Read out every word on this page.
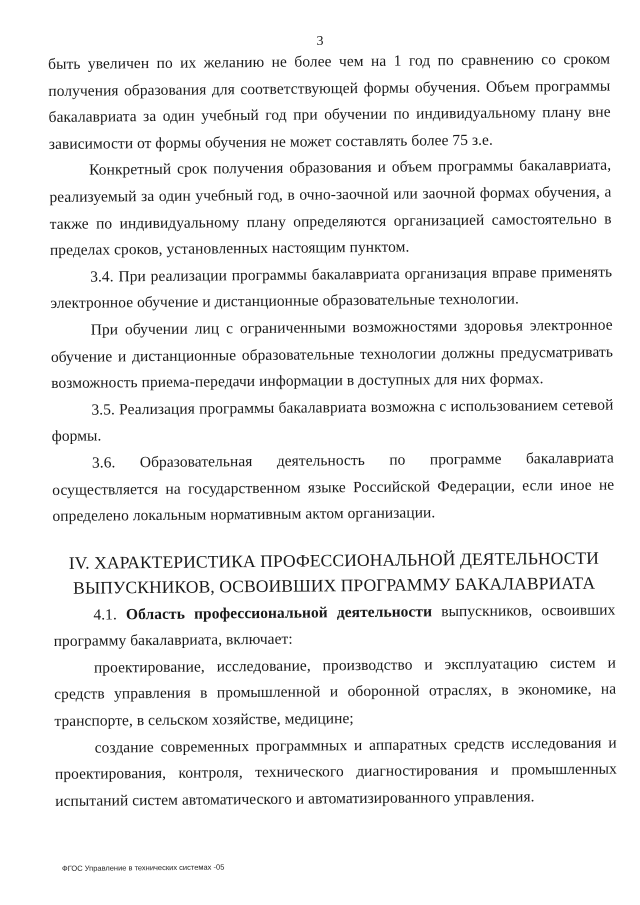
3

быть увеличен по их желанию не более чем на 1 год по сравнению со сроком получения образования для соответствующей формы обучения. Объем программы бакалавриата за один учебный год при обучении по индивидуальному плану вне зависимости от формы обучения не может составлять более 75 з.е.

Конкретный срок получения образования и объем программы бакалавриата, реализуемый за один учебный год, в очно-заочной или заочной формах обучения, а также по индивидуальному плану определяются организацией самостоятельно в пределах сроков, установленных настоящим пунктом.

3.4. При реализации программы бакалавриата организация вправе применять электронное обучение и дистанционные образовательные технологии.

При обучении лиц с ограниченными возможностями здоровья электронное обучение и дистанционные образовательные технологии должны предусматривать возможность приема-передачи информации в доступных для них формах.

3.5. Реализация программы бакалавриата возможна с использованием сетевой формы.

3.6. Образовательная деятельность по программе бакалавриата осуществляется на государственном языке Российской Федерации, если иное не определено локальным нормативным актом организации.

IV. ХАРАКТЕРИСТИКА ПРОФЕССИОНАЛЬНОЙ ДЕЯТЕЛЬНОСТИ
ВЫПУСКНИКОВ, ОСВОИВШИХ ПРОГРАММУ БАКАЛАВРИАТА

4.1. Область профессиональной деятельности выпускников, освоивших программу бакалавриата, включает:

проектирование, исследование, производство и эксплуатацию систем и средств управления в промышленной и оборонной отраслях, в экономике, на транспорте, в сельском хозяйстве, медицине;

создание современных программных и аппаратных средств исследования и проектирования, контроля, технического диагностирования и промышленных испытаний систем автоматического и автоматизированного управления.

ФГОС Управление в технических системах -05
